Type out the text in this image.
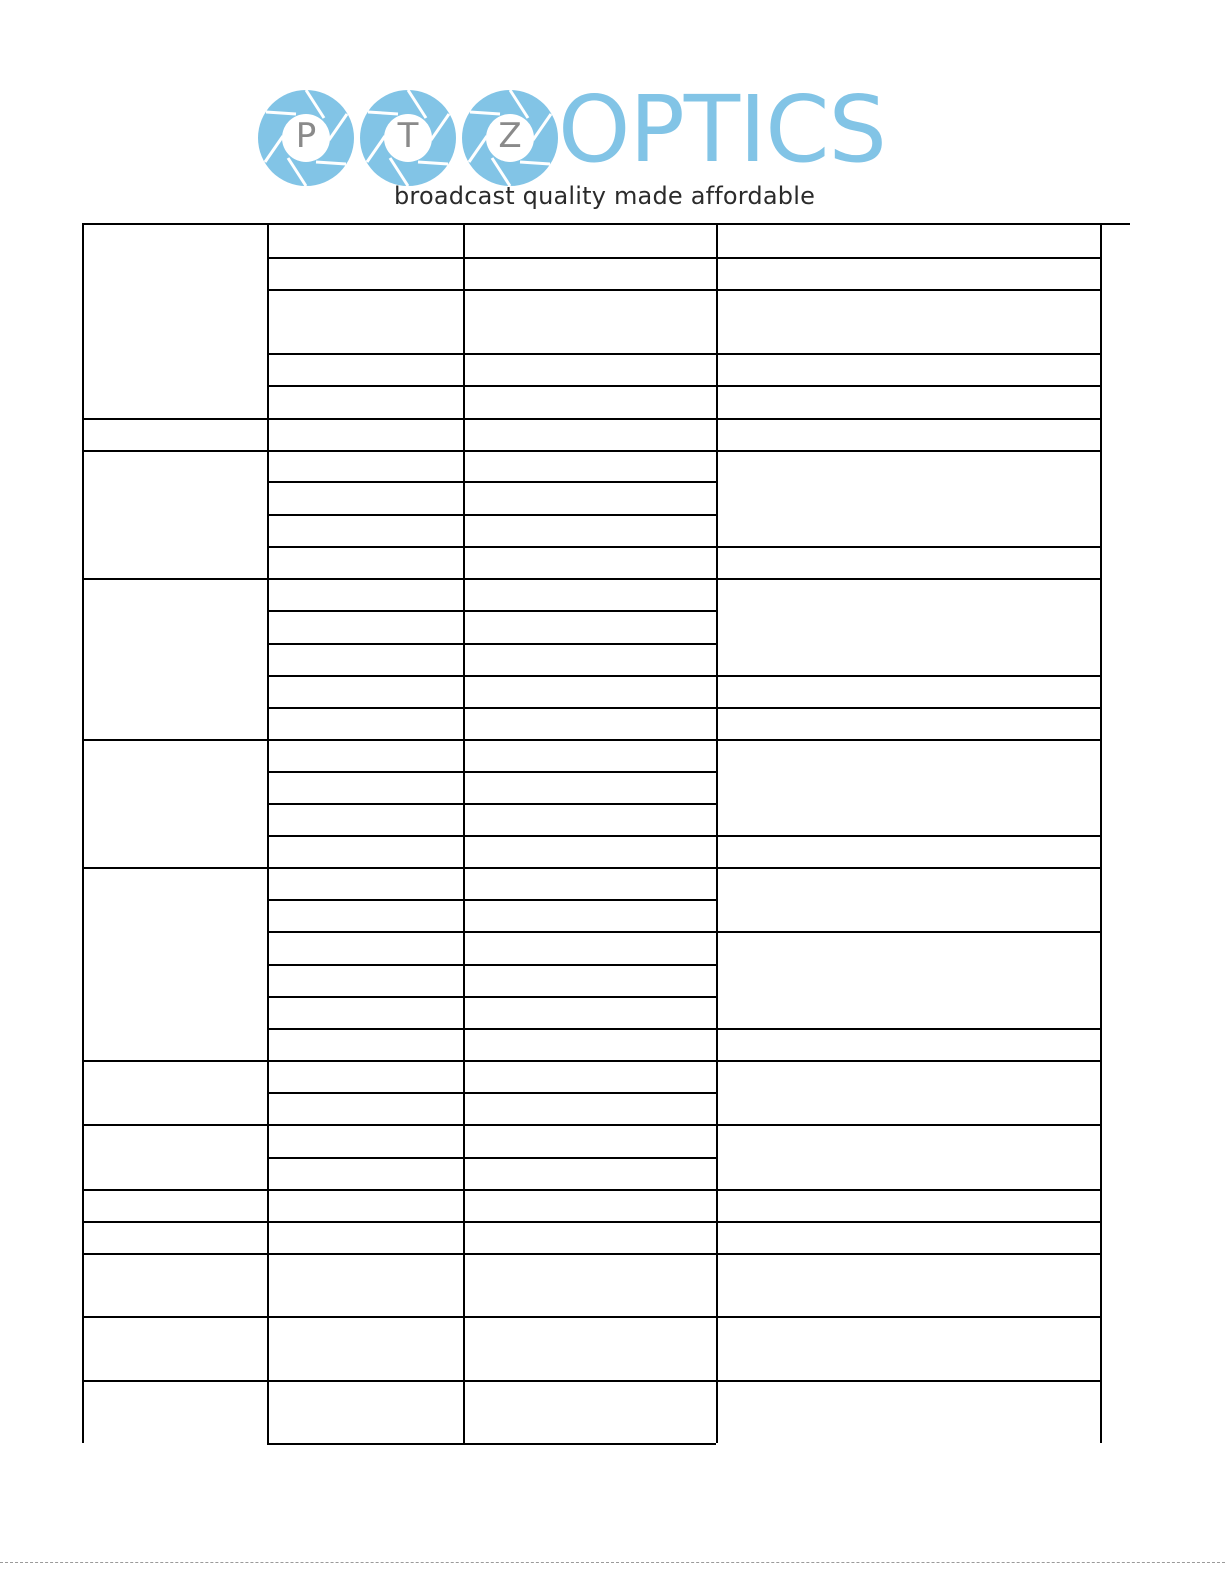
P	T	Z OPTICS
broadcast quality made affordable
